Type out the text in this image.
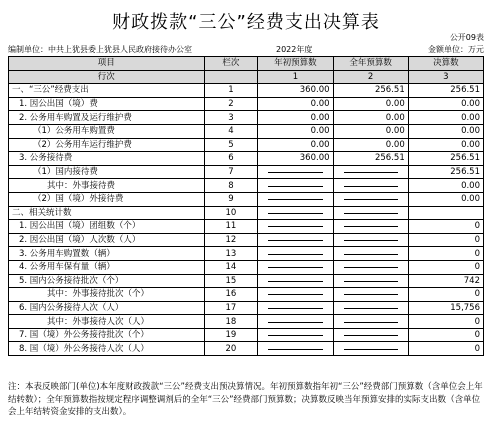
财政拨款“三公”经费支出决算表
公开09表
编制单位：中共上犹县委上犹县人民政府接待办公室	2022年度	金额单位：万元
项目	栏次	年初预算数	全年预算数	决算数
行次		1	2	3
一、“三公”经费支出	1	360.00	256.51	256.51
1. 因公出国（境）费	2	0.00	0.00	0.00
2. 公务用车购置及运行维护费	3	0.00	0.00	0.00
（1）公务用车购置费	4	0.00	0.00	0.00
（2）公务用车运行维护费	5	0.00	0.00	0.00
3. 公务接待费	6	360.00	256.51	256.51
（1）国内接待费	7			256.51
其中：外事接待费	8			0.00
（2）国（境）外接待费	9			0.00
二、相关统计数	10			
1. 因公出国（境）团组数（个）	11			0
2. 因公出国（境）人次数（人）	12			0
3. 公务用车购置数（辆）	13			0
4. 公务用车保有量（辆）	14			0
5. 国内公务接待批次（个）	15			742
其中：外事接待批次（个）	16			0
6. 国内公务接待人次（人）	17			15,756
其中：外事接待人次（人）	18			0
7. 国（境）外公务接待批次（个）	19			0
8. 国（境）外公务接待人次（人）	20			0
注：本表反映部门(单位)本年度财政拨款“三公”经费支出预决算情况。年初预算数指年初“三公”经费部门预算数（含单位会上年结转数）；全年预算数指按规定程序调整调剂后的全年“三公”经费部门预算数；决算数反映当年预算安排的实际支出数（含单位会上年结转资金安排的支出数）。
